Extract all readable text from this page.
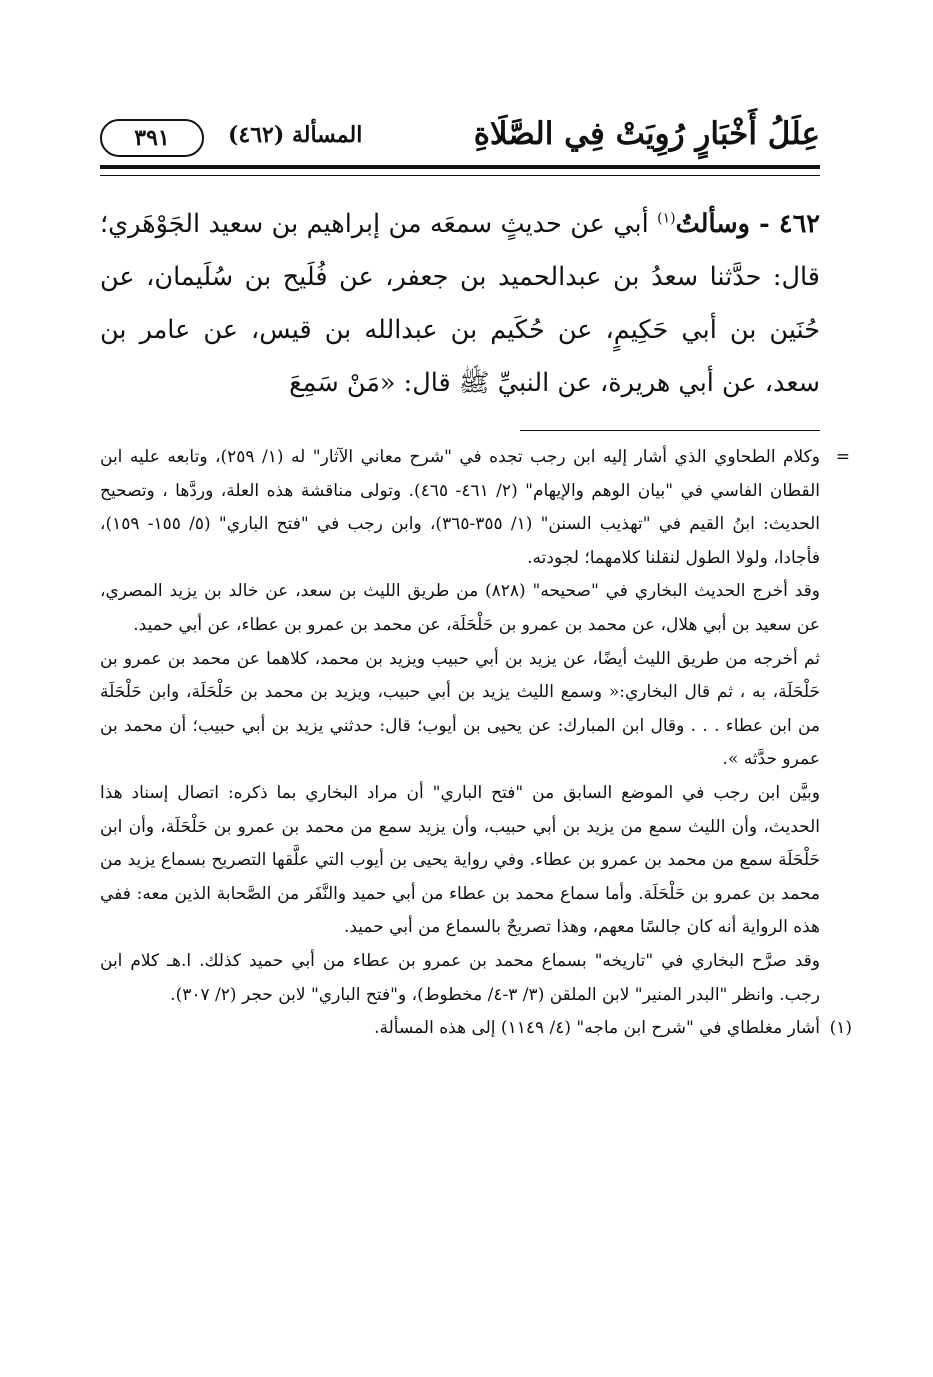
عِلَلُ أَخْبَارٍ رُوِيَتْ فِي الصَّلَاةِ
المسألة (٤٦٢)
٣٩١
٤٦٢ - وسألتُ$^{(١)}$ أبي عن حديثٍ سمعَه من إبراهيم بن سعيد الجَوْهَري؛ قال: حدَّثنا سعدُ بن عبدالحميد بن جعفر، عن فُلَيح بن سُلَيمان، عن حُنَين بن أبي حَكِيمٍ، عن حُكَيم بن عبدالله بن قيس، عن عامر بن سعد، عن أبي هريرة، عن النبيِّ ﷺ قال: «مَنْ سَمِعَ
=

وكلام الطحاوي الذي أشار إليه ابن رجب تجده في "شرح معاني الآثار" له (١/ ٢٥٩)، وتابعه عليه ابن القطان الفاسي في "بيان الوهم والإيهام" (٢/ ٤٦١- ٤٦٥). وتولى مناقشة هذه العلة، وردَّها ، وتصحيح الحديث: ابنُ القيم في "تهذيب السنن" (١/ ٣٥٥-٣٦٥)، وابن رجب في "فتح الباري" (٥/ ١٥٥- ١٥٩)، فأجادا، ولولا الطول لنقلنا كلامهما؛ لجودته.

وقد أخرج الحديث البخاري في "صحيحه" (٨٢٨) من طريق الليث بن سعد، عن خالد بن يزيد المصري، عن سعيد بن أبي هلال، عن محمد بن عمرو بن حَلْحَلَة، عن محمد بن عمرو بن عطاء، عن أبي حميد.

ثم أخرجه من طريق الليث أيضًا، عن يزيد بن أبي حبيب ويزيد بن محمد، كلاهما عن محمد بن عمرو بن حَلْحَلَة، به ، ثم قال البخاري:« وسمع الليث يزيد بن أبي حبيب، ويزيد بن محمد بن حَلْحَلَة، وابن حَلْحَلَة من ابن عطاء . . . وقال ابن المبارك: عن يحيى بن أيوب؛ قال: حدثني يزيد بن أبي حبيب؛ أن محمد بن عمرو حدَّثه ».

وبيَّن ابن رجب في الموضع السابق من "فتح الباري" أن مراد البخاري بما ذكره: اتصال إسناد هذا الحديث، وأن الليث سمع من يزيد بن أبي حبيب، وأن يزيد سمع من محمد بن عمرو بن حَلْحَلَة، وأن ابن حَلْحَلَة سمع من محمد بن عمرو بن عطاء. وفي رواية يحيى بن أيوب التي علَّقها التصريح بسماع يزيد من محمد بن عمرو بن حَلْحَلَة. وأما سماع محمد بن عطاء من أبي حميد والنَّفَر من الصَّحابة الذين معه: ففي هذه الرواية أنه كان جالسًا معهم، وهذا تصريحٌ بالسماع من أبي حميد.

وقد صرَّح البخاري في "تاريخه" بسماع محمد بن عمرو بن عطاء من أبي حميد كذلك. ا.هـ كلام ابن رجب. وانظر "البدر المنير" لابن الملقن (٣/ ٣-٤/ مخطوط)، و"فتح الباري" لابن حجر (٢/ ٣٠٧).

(١)

أشار مغلطاي في "شرح ابن ماجه" (٤/ ١١٤٩) إلى هذه المسألة.
